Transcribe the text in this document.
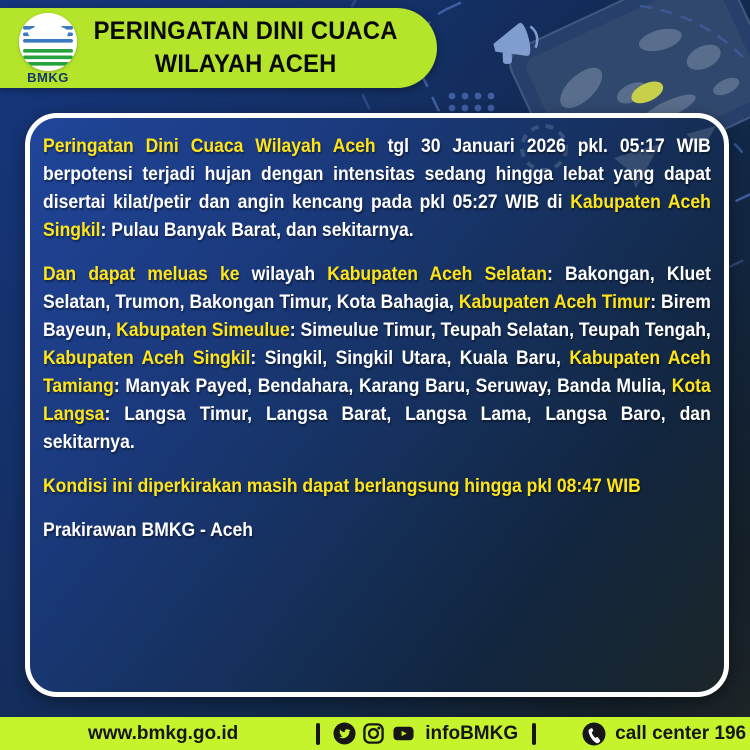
BMKG
PERINGATAN DINI CUACA
WILAYAH ACEH

Peringatan Dini Cuaca Wilayah Aceh tgl 30 Januari 2026 pkl. 05:17 WIB berpotensi terjadi hujan dengan intensitas sedang hingga lebat yang dapat disertai kilat/petir dan angin kencang pada pkl 05:27 WIB di Kabupaten Aceh Singkil: Pulau Banyak Barat, dan sekitarnya.

Dan dapat meluas ke wilayah Kabupaten Aceh Selatan: Bakongan, Kluet Selatan, Trumon, Bakongan Timur, Kota Bahagia, Kabupaten Aceh Timur: Birem Bayeun, Kabupaten Simeulue: Simeulue Timur, Teupah Selatan, Teupah Tengah, Kabupaten Aceh Singkil: Singkil, Singkil Utara, Kuala Baru, Kabupaten Aceh Tamiang: Manyak Payed, Bendahara, Karang Baru, Seruway, Banda Mulia, Kota Langsa: Langsa Timur, Langsa Barat, Langsa Lama, Langsa Baro, dan sekitarnya.

Kondisi ini diperkirakan masih dapat berlangsung hingga pkl 08:47 WIB

Prakirawan BMKG - Aceh

www.bmkg.go.id	infoBMKG	call center 196
